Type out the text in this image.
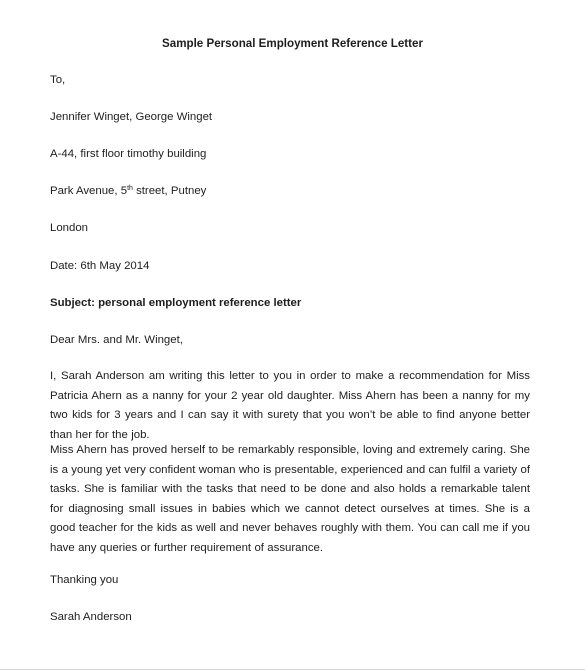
Sample Personal Employment Reference Letter
To,
Jennifer Winget, George Winget
A-44, first floor timothy building
Park Avenue, 5th street, Putney
London
Date: 6th May 2014
Subject: personal employment reference letter
Dear Mrs. and Mr. Winget,
I, Sarah Anderson am writing this letter to you in order to make a recommendation for Miss Patricia Ahern as a nanny for your 2 year old daughter. Miss Ahern has been a nanny for my two kids for 3 years and I can say it with surety that you won’t be able to find anyone better than her for the job.
Miss Ahern has proved herself to be remarkably responsible, loving and extremely caring. She is a young yet very confident woman who is presentable, experienced and can fulfil a variety of tasks. She is familiar with the tasks that need to be done and also holds a remarkable talent for diagnosing small issues in babies which we cannot detect ourselves at times. She is a good teacher for the kids as well and never behaves roughly with them. You can call me if you have any queries or further requirement of assurance.
Thanking you
Sarah Anderson
